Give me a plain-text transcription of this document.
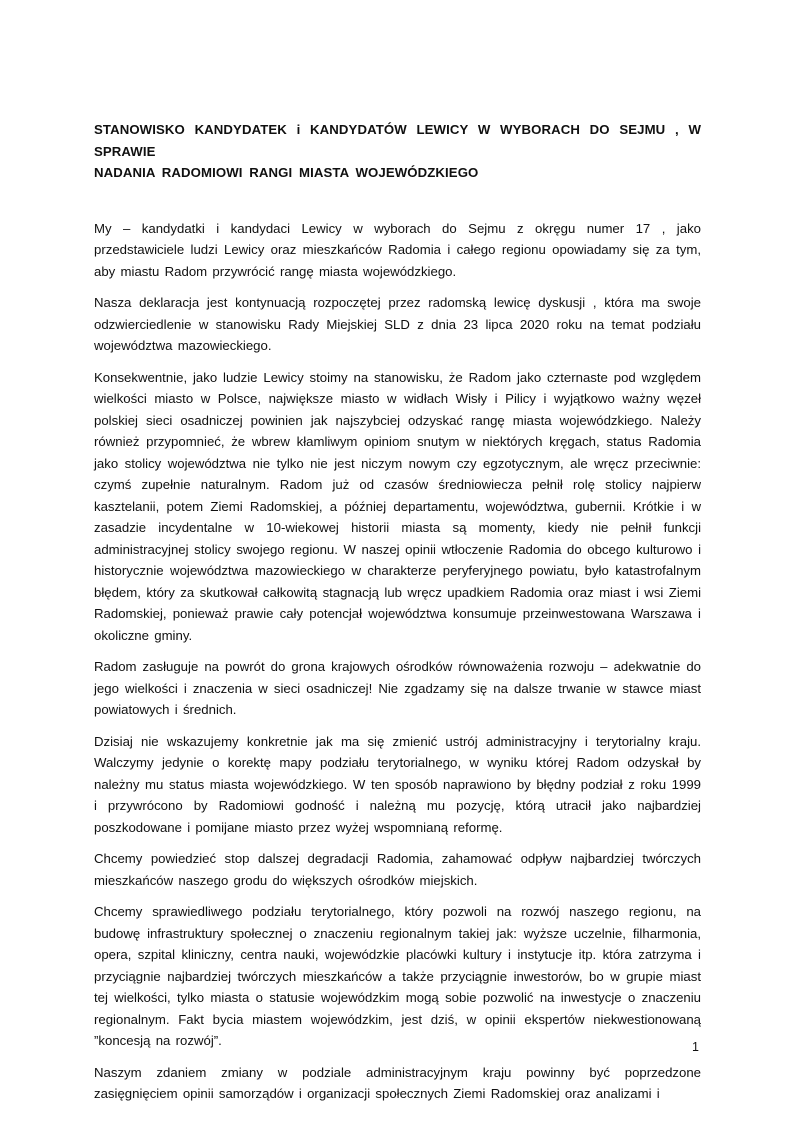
STANOWISKO KANDYDATEK i KANDYDATÓW LEWICY W WYBORACH DO SEJMU , W SPRAWIE
NADANIA RADOMIOWI RANGI MIASTA WOJEWÓDZKIEGO

My – kandydatki i kandydaci Lewicy w wyborach do Sejmu z okręgu numer 17 , jako przedstawiciele ludzi Lewicy oraz mieszkańców Radomia i całego regionu opowiadamy się za tym, aby miastu Radom przywrócić rangę miasta wojewódzkiego.

Nasza deklaracja jest kontynuacją rozpoczętej przez radomską lewicę dyskusji , która ma swoje odzwierciedlenie w stanowisku Rady Miejskiej SLD z dnia 23 lipca 2020 roku na temat podziału województwa mazowieckiego.

Konsekwentnie, jako ludzie Lewicy stoimy na stanowisku, że Radom jako czternaste pod względem wielkości miasto w Polsce, największe miasto w widłach Wisły i Pilicy i wyjątkowo ważny węzeł polskiej sieci osadniczej powinien jak najszybciej odzyskać rangę miasta wojewódzkiego. Należy również przypomnieć, że wbrew kłamliwym opiniom snutym w niektórych kręgach, status Radomia jako stolicy województwa nie tylko nie jest niczym nowym czy egzotycznym, ale wręcz przeciwnie: czymś zupełnie naturalnym. Radom już od czasów średniowiecza pełnił rolę stolicy najpierw kasztelanii, potem Ziemi Radomskiej, a później departamentu, województwa, gubernii. Krótkie i w zasadzie incydentalne w 10-wiekowej historii miasta są momenty, kiedy nie pełnił funkcji administracyjnej stolicy swojego regionu. W naszej opinii wtłoczenie Radomia do obcego kulturowo i historycznie województwa mazowieckiego w charakterze peryferyjnego powiatu, było katastrofalnym błędem, który za skutkował całkowitą stagnacją lub wręcz upadkiem Radomia oraz miast i wsi Ziemi Radomskiej, ponieważ prawie cały potencjał województwa konsumuje przeinwestowana Warszawa i okoliczne gminy.

Radom zasługuje na powrót do grona krajowych ośrodków równoważenia rozwoju – adekwatnie do jego wielkości i znaczenia w sieci osadniczej! Nie zgadzamy się na dalsze trwanie w stawce miast powiatowych i średnich.

Dzisiaj nie wskazujemy konkretnie jak ma się zmienić ustrój administracyjny i terytorialny kraju. Walczymy jedynie o korektę mapy podziału terytorialnego, w wyniku której Radom odzyskał by należny mu status miasta wojewódzkiego. W ten sposób naprawiono by błędny podział z roku 1999 i przywrócono by Radomiowi godność i należną mu pozycję, którą utracił jako najbardziej poszkodowane i pomijane miasto przez wyżej wspomnianą reformę.

Chcemy powiedzieć stop dalszej degradacji Radomia, zahamować odpływ najbardziej twórczych mieszkańców naszego grodu do większych ośrodków miejskich.

Chcemy sprawiedliwego podziału terytorialnego, który pozwoli na rozwój naszego regionu, na budowę infrastruktury społecznej o znaczeniu regionalnym takiej jak: wyższe uczelnie, filharmonia, opera, szpital kliniczny, centra nauki, wojewódzkie placówki kultury i instytucje itp. która zatrzyma i przyciągnie najbardziej twórczych mieszkańców a także przyciągnie inwestorów, bo w grupie miast tej wielkości, tylko miasta o statusie wojewódzkim mogą sobie pozwolić na inwestycje o znaczeniu regionalnym. Fakt bycia miastem wojewódzkim, jest dziś, w opinii ekspertów niekwestionowaną ”koncesją na rozwój”.

Naszym zdaniem zmiany w podziale administracyjnym kraju powinny być poprzedzone zasięgnięciem opinii samorządów i organizacji społecznych Ziemi Radomskiej oraz analizami i

1
